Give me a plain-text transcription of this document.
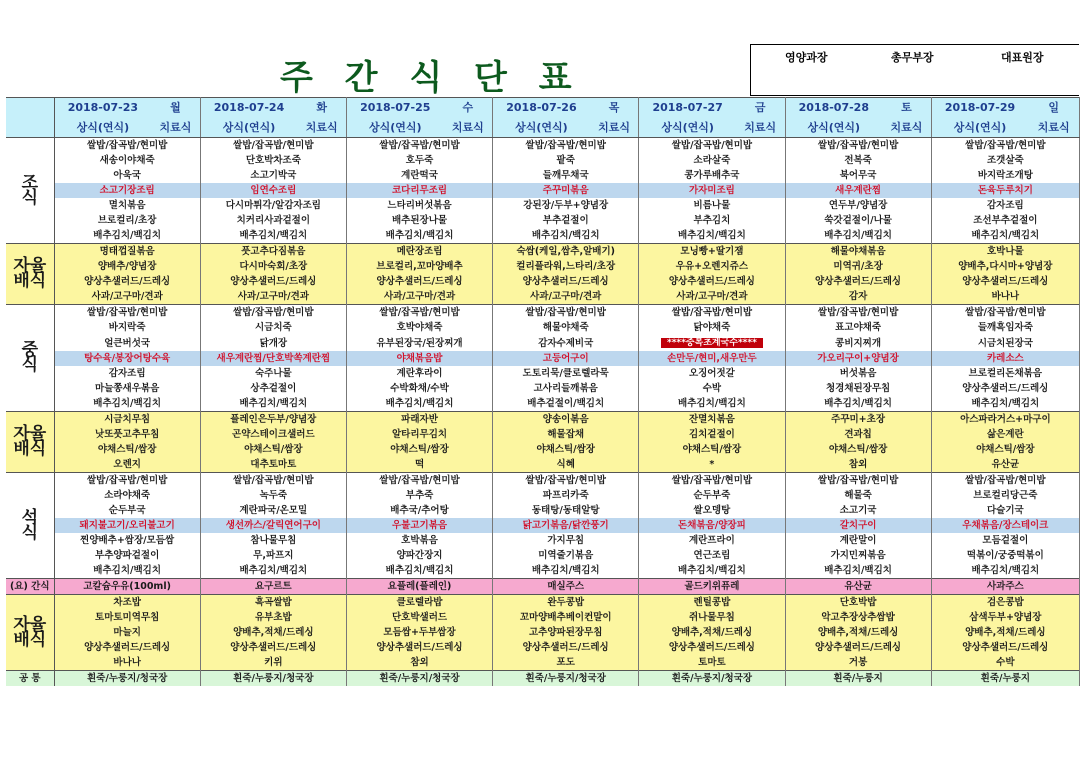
주 간 식 단 표
영양과장	총무부장	대표원장
	2018-07-23	월	2018-07-24	화	2018-07-25	수	2018-07-26	목	2018-07-27	금	2018-07-28	토	2018-07-29	일
	상식(연식)	치료식	상식(연식)	치료식	상식(연식)	치료식	상식(연식)	치료식	상식(연식)	치료식	상식(연식)	치료식	상식(연식)	치료식
조
식	쌀밥/잡곡밥/현미밥		쌀밥/잡곡밥/현미밥		쌀밥/잡곡밥/현미밥		쌀밥/잡곡밥/현미밥		쌀밥/잡곡밥/현미밥		쌀밥/잡곡밥/현미밥		쌀밥/잡곡밥/현미밥	
	새송이야채죽		단호박차조죽		호두죽		팥죽		소라살죽		전복죽		조갯살죽	
	아욱국		소고기박국		계란떡국		들깨무채국		콩가루배추국		북어무국		바지락조개탕	
	소고기장조림		임연수조림		코다리무조림		주꾸미볶음		가자미조림		새우계란찜		돈육두루치기	
	멸치볶음		다시마튀각/알감자조림		느타리버섯볶음		강된장/두부+양념장		비름나물		연두부/양념장		감자조림	
	브로컬리/초장		치커리사과겉절이		배추된장나물		부추겉절이		부추김치		쑥갓겉절이/나물		조선부추겉절이	
	배추김치/백김치		배추김치/백김치		배추김치/백김치		배추김치/백김치		배추김치/백김치		배추김치/백김치		배추김치/백김치	
자율
배식	명태껍질볶음		풋고추다짐볶음		메란장조림		숙쌈(케일,쌈추,알배기)		모닝빵+딸기잼		해물야채볶음		호박나물	
	양배추/양념장		다시마숙회/초장		브로컬리,꼬마양배추		컬리플라워,느타리/초장		우유+오렌지쥬스		미역귀/초장		양배추,다시마+양념장	
	양상추샐러드/드레싱		양상추샐러드/드레싱		양상추샐러드/드레싱		양상추샐러드/드레싱		양상추샐러드/드레싱		양상추샐러드/드레싱		양상추샐러드/드레싱	
	사과/고구마/견과		사과/고구마/견과		사과/고구마/견과		사과/고구마/견과		사과/고구마/견과		감자		바나나	
중
식	쌀밥/잡곡밥/현미밥		쌀밥/잡곡밥/현미밥		쌀밥/잡곡밥/현미밥		쌀밥/잡곡밥/현미밥		쌀밥/잡곡밥/현미밥		쌀밥/잡곡밥/현미밥		쌀밥/잡곡밥/현미밥	
	바지락죽		시금치죽		호박야채죽		해물야채죽		닭야채죽		표고야채죽		들깨흑임자죽	
	얼큰버섯국		닭개장		유부된장국/된장찌개		감자수제비국		****중복초계국수****		콩비지찌개		시금치된장국	
	탕수육/봉장어탕수육		새우계란찜/단호박쏙계란찜		야채볶음밥		고등어구이		손만두/현미,새우만두		가오리구이+양념장		카레소스	
	감자조림		숙주나물		계란후라이		도토리묵/클로렐라묵		오징어젓갈		버섯볶음		브로컬리돈채볶음	
	마늘쫑새우볶음		상추겉절이		수박화채/수박		고사리들깨볶음		수박		청경채된장무침		양상추샐러드/드레싱	
	배추김치/백김치		배추김치/백김치		배추김치/백김치		배추겉절이/백김치		배추김치/백김치		배추김치/백김치		배추김치/백김치	
자율
배식	시금치무침		플레인은두부/양념장		파래자반		양송이볶음		잔멸치볶음		주꾸미+초장		아스파라거스+마구이	
	낫또풋고추무침		곤약스테이크샐러드		알타리무김치		해물잡채		김치겉절이		견과칩		삶은계란	
	야채스틱/쌈장		야채스틱/쌈장		야채스틱/쌈장		야채스틱/쌈장		야채스틱/쌈장		야채스틱/쌈장		야채스틱/쌈장	
	오렌지		대추토마토		떡		식혜		*		참외		유산균	
석
식	쌀밥/잡곡밥/현미밥		쌀밥/잡곡밥/현미밥		쌀밥/잡곡밥/현미밥		쌀밥/잡곡밥/현미밥		쌀밥/잡곡밥/현미밥		쌀밥/잡곡밥/현미밥		쌀밥/잡곡밥/현미밥	
	소라야채죽		녹두죽		부추죽		파프리카죽		순두부죽		해물죽		브로컬리당근죽	
	순두부국		계란파국/온모밀		배추국/추어탕		동태탕/동태알탕		쌀오뎅탕		소고기국		다슬기국	
	돼지불고기/오리불고기		생선까스/갈릭연어구이		우불고기볶음		닭고기볶음/닭깐풍기		돈채볶음/양장피		갈치구이		우채볶음/장스테이크	
	찐양배추+쌈장/모듬쌈		참나물무침		호박볶음		가지무침		계란프라이		계란말이		모듬겉절이	
	부추양파겉절이		무,파프지		양파간장지		미역줄기볶음		연근조림		가지민찌볶음		떡볶이/궁중떡볶이	
	배추김치/백김치		배추김치/백김치		배추김치/백김치		배추김치/백김치		배추김치/백김치		배추김치/백김치		배추김치/백김치	
(요) 간식	고칼슘우유(100ml)		요구르트		요플레(플레인)		매실주스		골드키위퓨레		유산균		사과주스	
자율
배식	차조밥		흑곡쌀밥		클로렐라밥		완두콩밥		렌틸콩밥		단호박밥		검은콩밥	
	토마토미역무침		유부초밥		단호박샐러드		꼬마양배추베이컨말이		쥐나물무침		악고추장상추쌈밥		삼색두부+양념장	
	마늘지		양배추,적채/드레싱		모듬쌈+두부쌈장		고추양파된장무침		양배추,적채/드레싱		양배추,적채/드레싱		양배추,적채/드레싱	
	양상추샐러드/드레싱		양상추샐러드/드레싱		양상추샐러드/드레싱		양상추샐러드/드레싱		양상추샐러드/드레싱		양상추샐러드/드레싱		양상추샐러드/드레싱	
	바나나		키위		참외		포도		토마토		거봉		수박	
공 통	흰죽/누룽지/청국장		흰죽/누룽지/청국장		흰죽/누룽지/청국장		흰죽/누룽지/청국장		흰죽/누룽지/청국장		흰죽/누룽지		흰죽/누룽지	
